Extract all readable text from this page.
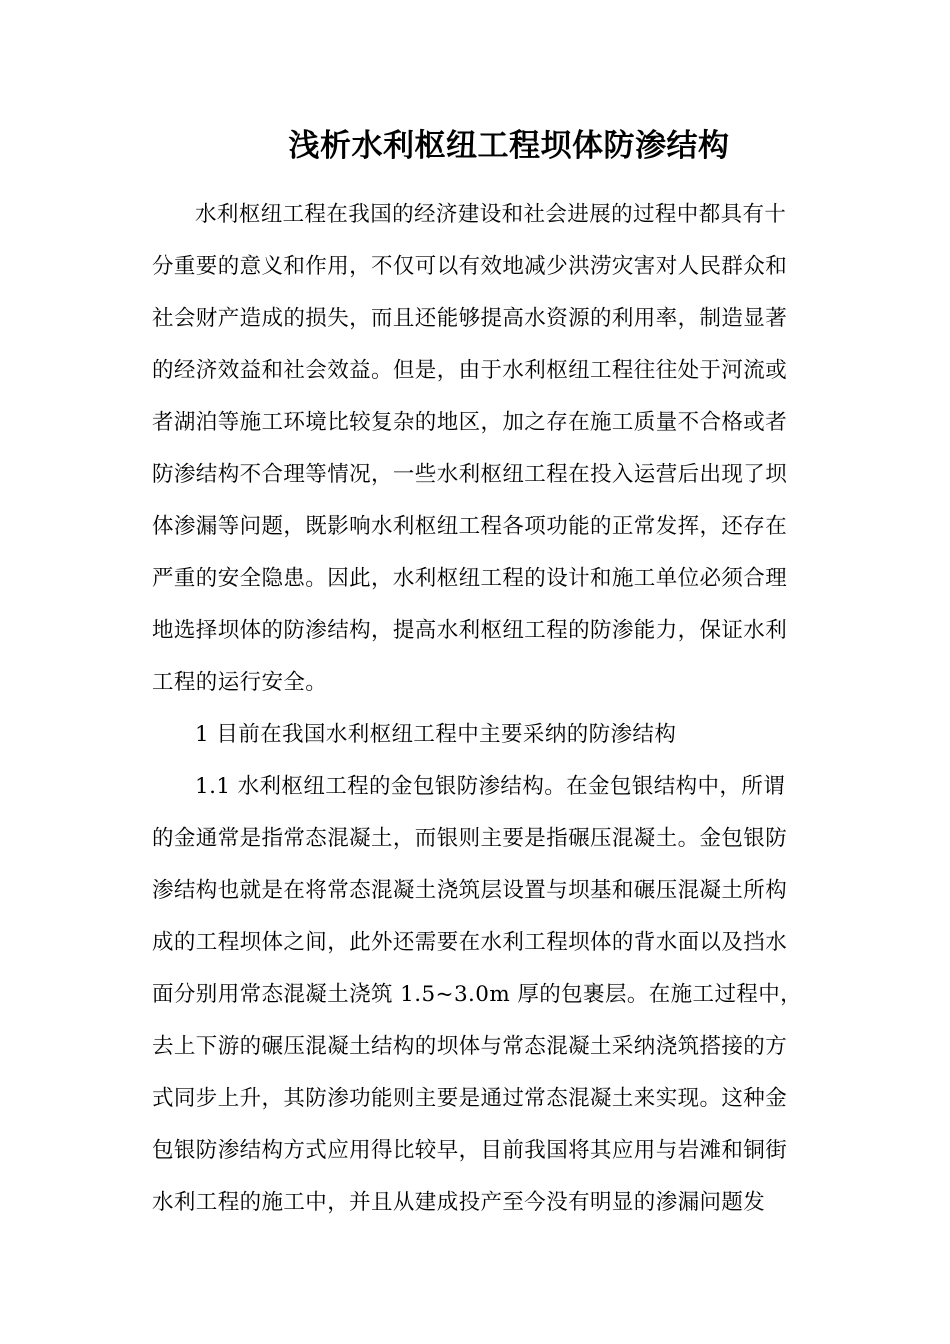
浅析水利枢纽工程坝体防渗结构
水利枢纽工程在我国的经济建设和社会进展的过程中都具有十
分重要的意义和作用，不仅可以有效地减少洪涝灾害对人民群众和
社会财产造成的损失，而且还能够提高水资源的利用率，制造显著
的经济效益和社会效益。但是，由于水利枢纽工程往往处于河流或
者湖泊等施工环境比较复杂的地区，加之存在施工质量不合格或者
防渗结构不合理等情况，一些水利枢纽工程在投入运营后出现了坝
体渗漏等问题，既影响水利枢纽工程各项功能的正常发挥，还存在
严重的安全隐患。因此，水利枢纽工程的设计和施工单位必须合理
地选择坝体的防渗结构，提高水利枢纽工程的防渗能力，保证水利
工程的运行安全。
1 目前在我国水利枢纽工程中主要采纳的防渗结构
1.1 水利枢纽工程的金包银防渗结构。在金包银结构中，所谓
的金通常是指常态混凝土，而银则主要是指碾压混凝土。金包银防
渗结构也就是在将常态混凝土浇筑层设置与坝基和碾压混凝土所构
成的工程坝体之间，此外还需要在水利工程坝体的背水面以及挡水
面分别用常态混凝土浇筑 1.5~3.0m 厚的包裹层。在施工过程中，
去上下游的碾压混凝土结构的坝体与常态混凝土采纳浇筑搭接的方
式同步上升，其防渗功能则主要是通过常态混凝土来实现。这种金
包银防渗结构方式应用得比较早，目前我国将其应用与岩滩和铜街
水利工程的施工中，并且从建成投产至今没有明显的渗漏问题发
